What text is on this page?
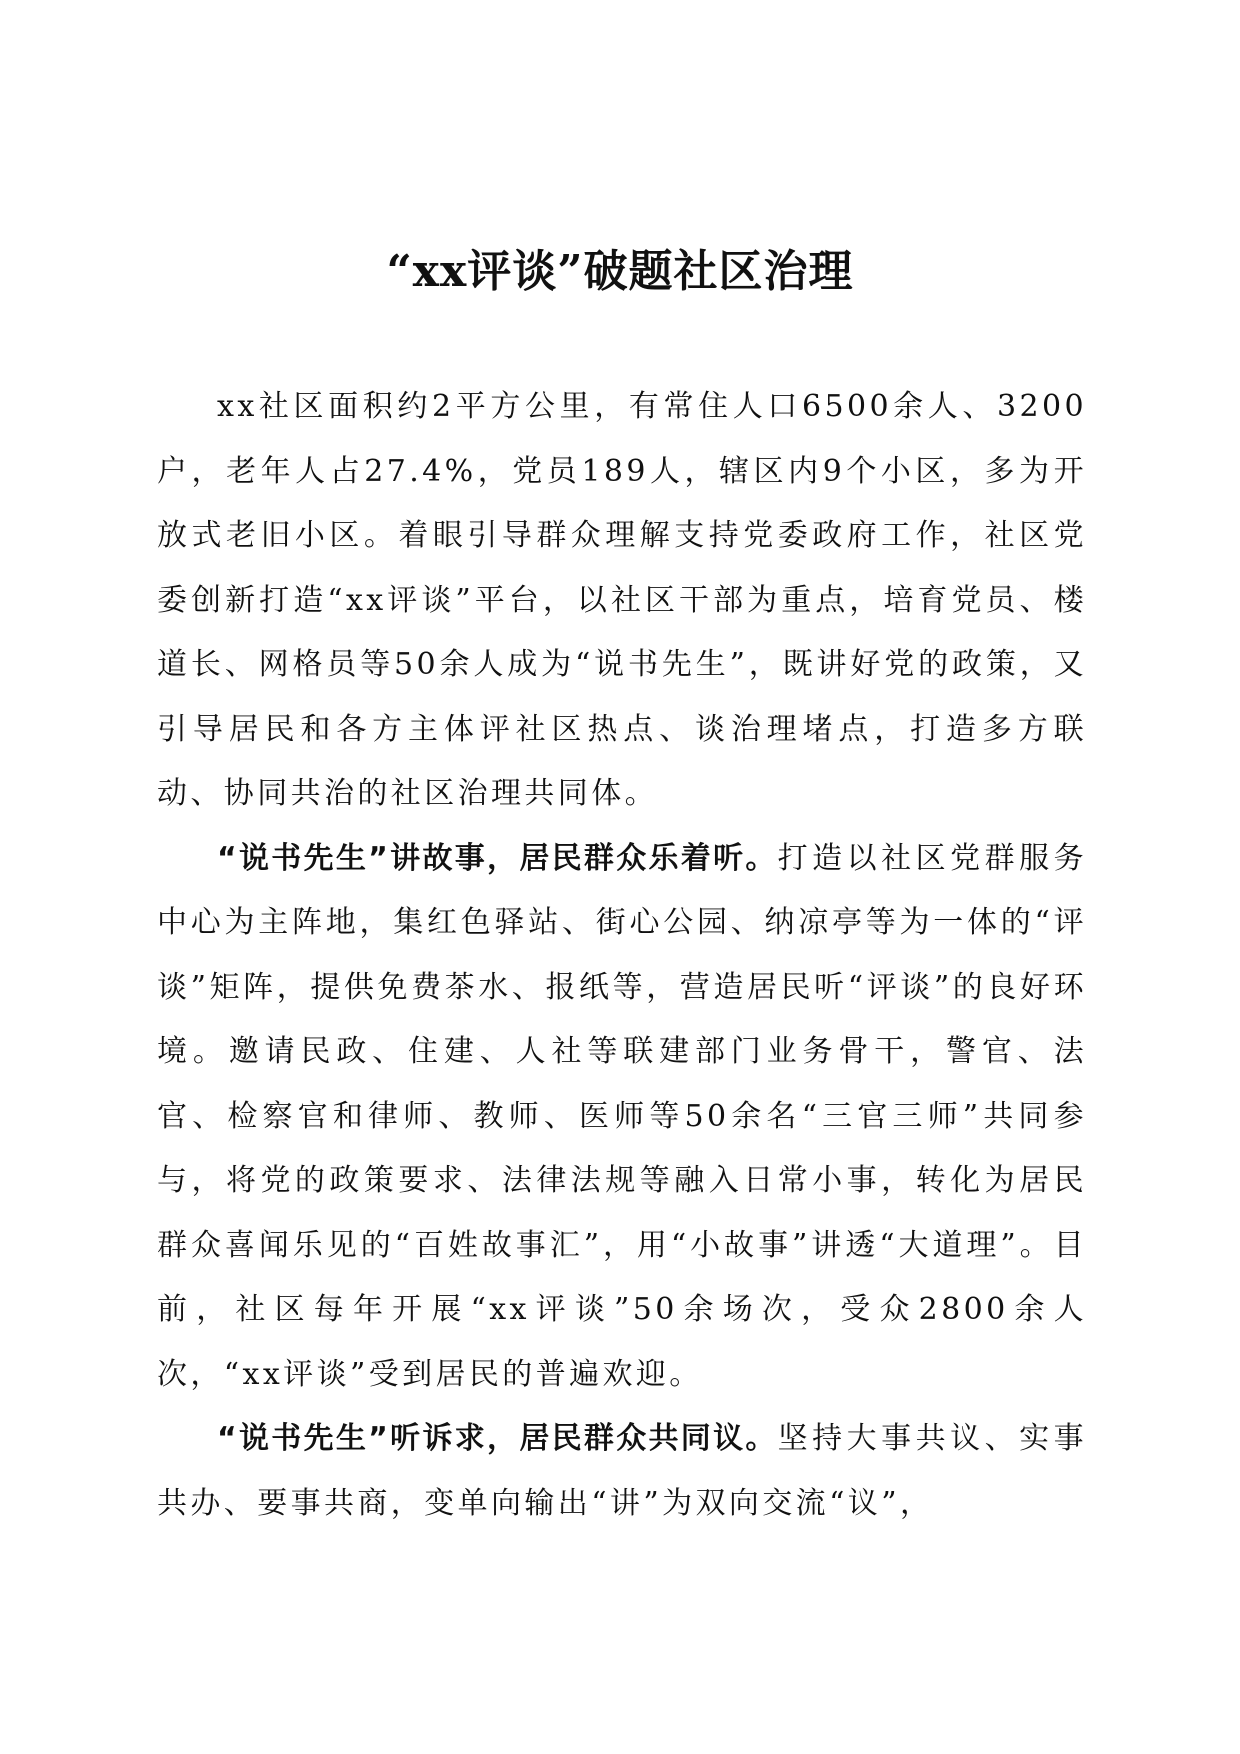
“xx评谈”破题社区治理

xx社区面积约2平方公里，有常住人口6500余人、3200户，老年人占27.4%，党员189人，辖区内9个小区，多为开放式老旧小区。着眼引导群众理解支持党委政府工作，社区党委创新打造“xx评谈”平台，以社区干部为重点，培育党员、楼道长、网格员等50余人成为“说书先生”，既讲好党的政策，又引导居民和各方主体评社区热点、谈治理堵点，打造多方联动、协同共治的社区治理共同体。

“说书先生”讲故事，居民群众乐着听。打造以社区党群服务中心为主阵地，集红色驿站、街心公园、纳凉亭等为一体的“评谈”矩阵，提供免费茶水、报纸等，营造居民听“评谈”的良好环境。邀请民政、住建、人社等联建部门业务骨干，警官、法官、检察官和律师、教师、医师等50余名“三官三师”共同参与，将党的政策要求、法律法规等融入日常小事，转化为居民群众喜闻乐见的“百姓故事汇”，用“小故事”讲透“大道理”。目前，社区每年开展“xx评谈”50余场次，受众2800余人次，“xx评谈”受到居民的普遍欢迎。

“说书先生”听诉求，居民群众共同议。坚持大事共议、实事共办、要事共商，变单向输出“讲”为双向交流“议”，
